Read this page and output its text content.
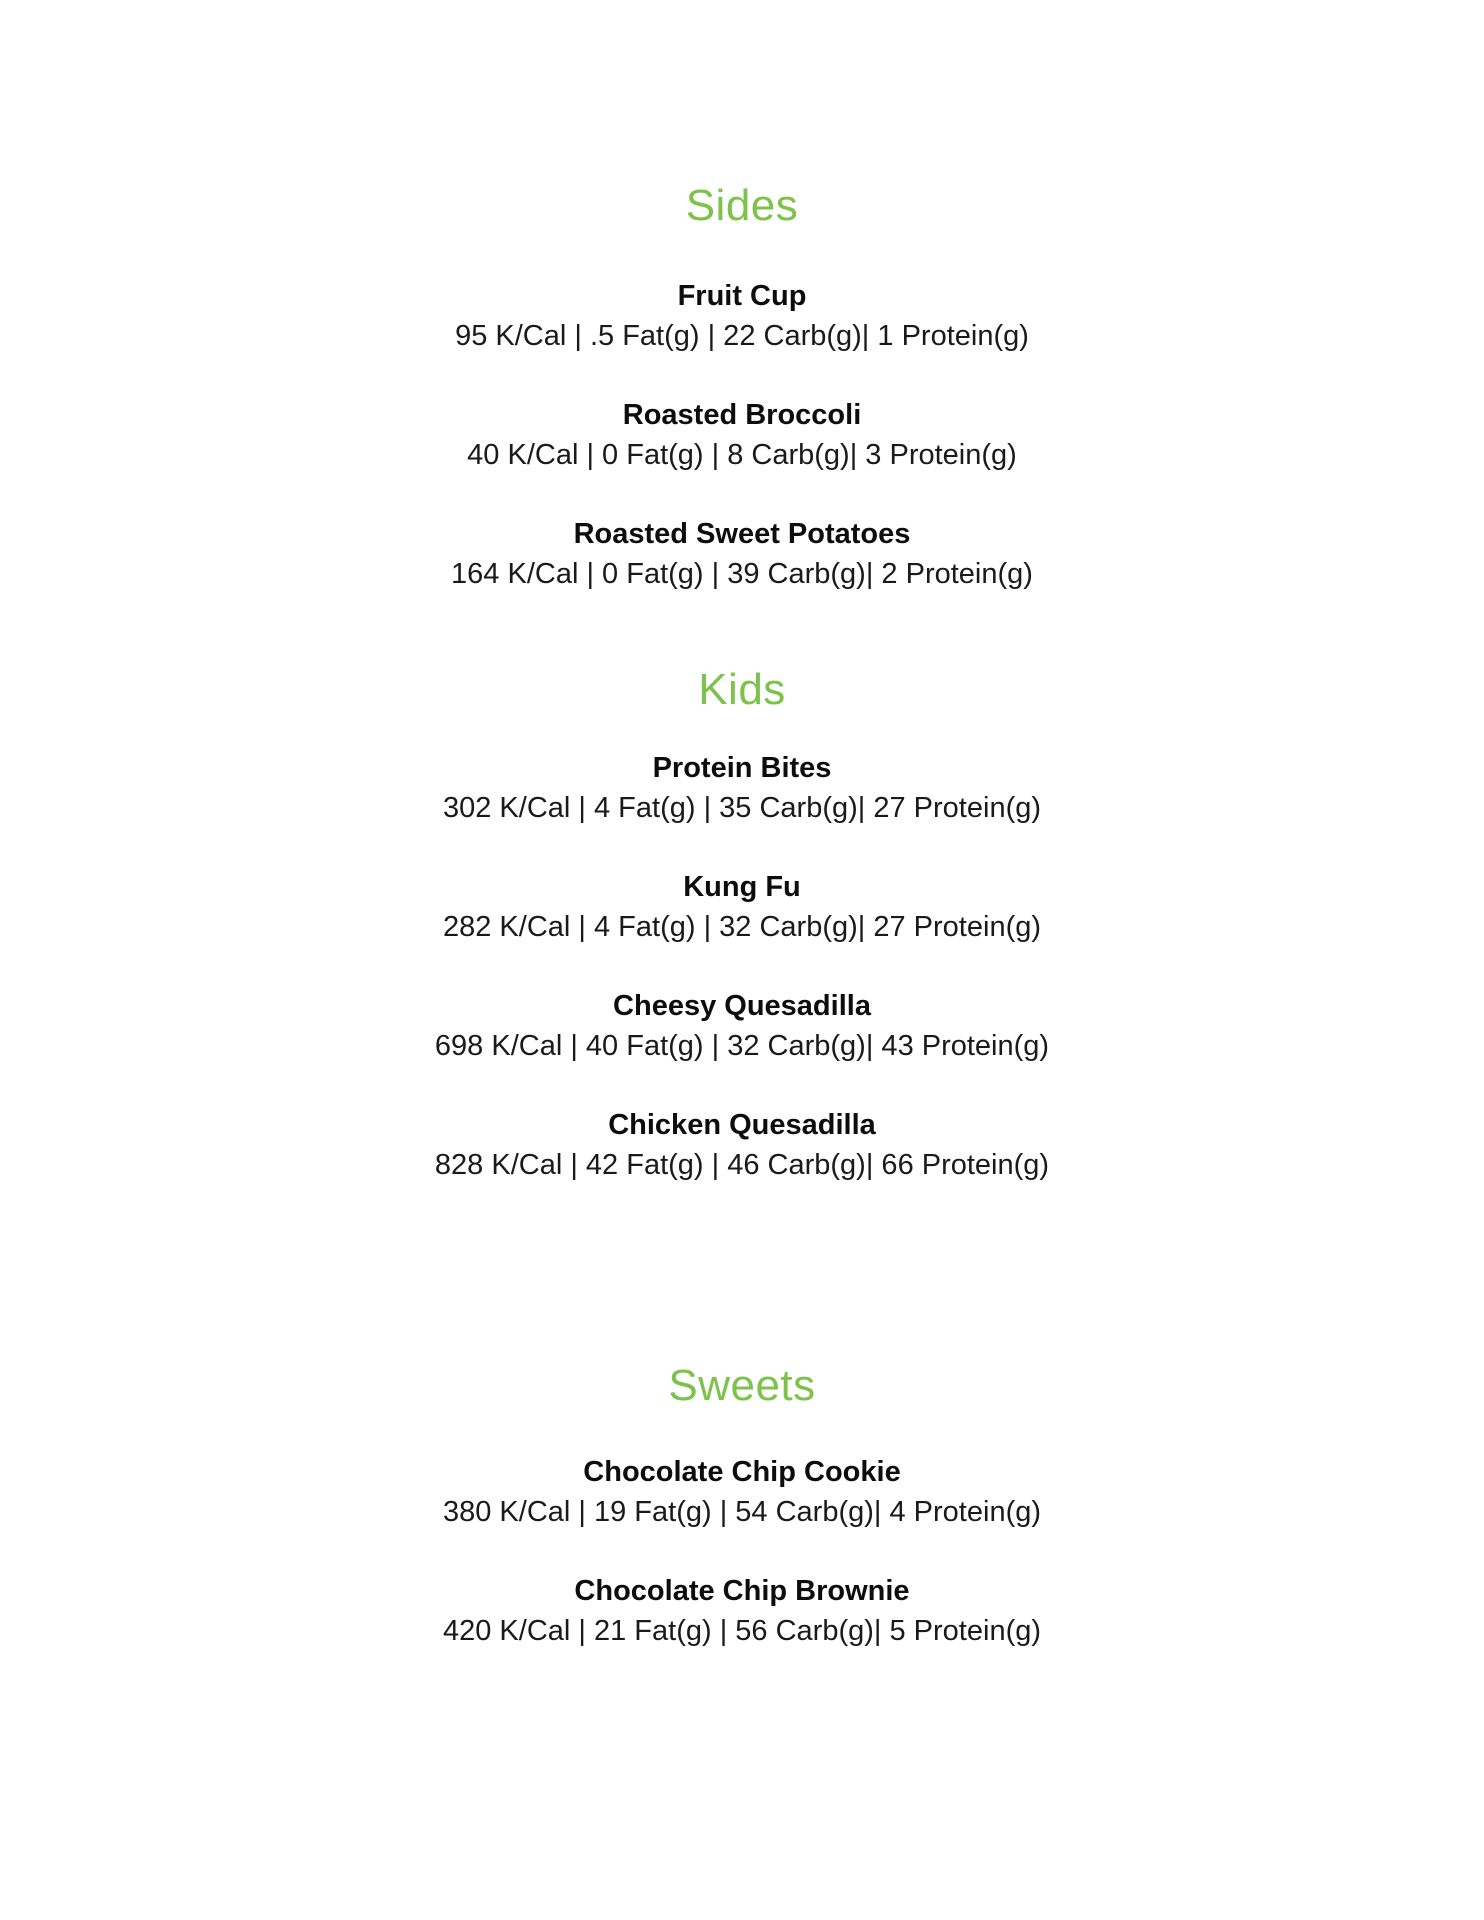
Sides
Fruit Cup
95 K/Cal | .5 Fat(g) | 22 Carb(g)| 1 Protein(g)
Roasted Broccoli
40 K/Cal | 0 Fat(g) | 8 Carb(g)| 3 Protein(g)
Roasted Sweet Potatoes
164 K/Cal | 0 Fat(g) | 39 Carb(g)| 2 Protein(g)
Kids
Protein Bites
302 K/Cal | 4 Fat(g) | 35 Carb(g)| 27 Protein(g)
Kung Fu
282 K/Cal | 4 Fat(g) | 32 Carb(g)| 27 Protein(g)
Cheesy Quesadilla
698 K/Cal | 40 Fat(g) | 32 Carb(g)| 43 Protein(g)
Chicken Quesadilla
828 K/Cal | 42 Fat(g) | 46 Carb(g)| 66 Protein(g)
Sweets
Chocolate Chip Cookie
380 K/Cal | 19 Fat(g) | 54 Carb(g)| 4 Protein(g)
Chocolate Chip Brownie
420 K/Cal | 21 Fat(g) | 56 Carb(g)| 5 Protein(g)
